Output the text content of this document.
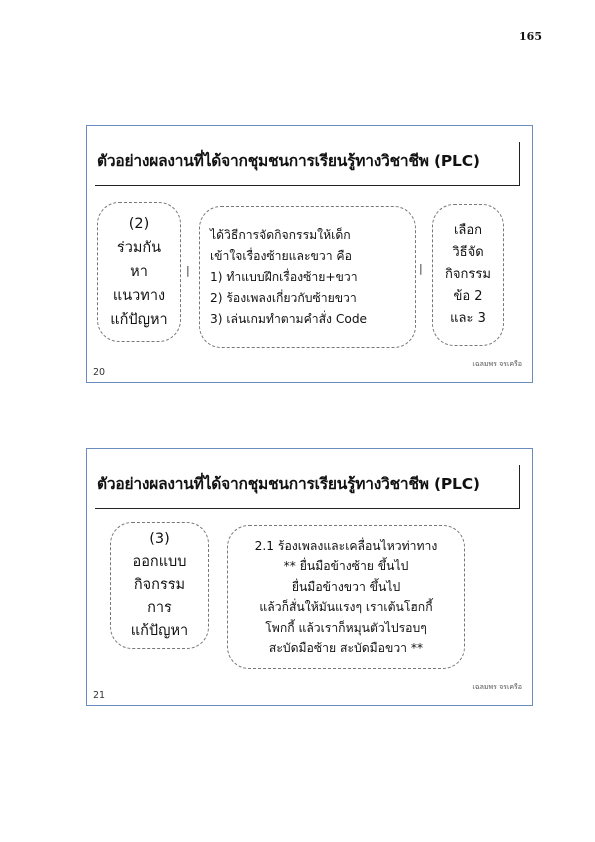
165
ตัวอย่างผลงานที่ได้จากชุมชนการเรียนรู้ทางวิชาชีพ (PLC)
(2)
ร่วมกัน
หา
แนวทาง
แก้ปัญหา
|
ได้วิธีการจัดกิจกรรมให้เด็ก
เข้าใจเรื่องซ้ายและขวา คือ
1) ทำแบบฝึกเรื่องซ้าย+ขวา
2) ร้องเพลงเกี่ยวกับซ้ายขวา
3) เล่นเกมทำตามคำสั่ง Code
|
เลือก
วิธีจัด
กิจกรรม
ข้อ 2
และ 3
20
เฉลมพร จรเครือ
ตัวอย่างผลงานที่ได้จากชุมชนการเรียนรู้ทางวิชาชีพ (PLC)
(3)
ออกแบบ
กิจกรรม
การ
แก้ปัญหา
2.1 ร้องเพลงและเคลื่อนไหวท่าทาง
** ยื่นมือข้างซ้าย ขึ้นไป
ยื่นมือข้างขวา ขึ้นไป
แล้วก็สั่นให้มันแรงๆ เราเต้นโฮกกี้
โพกกี้ แล้วเราก็หมุนตัวไปรอบๆ
สะบัดมือซ้าย สะบัดมือขวา **
21
เฉลมพร จรเครือ
